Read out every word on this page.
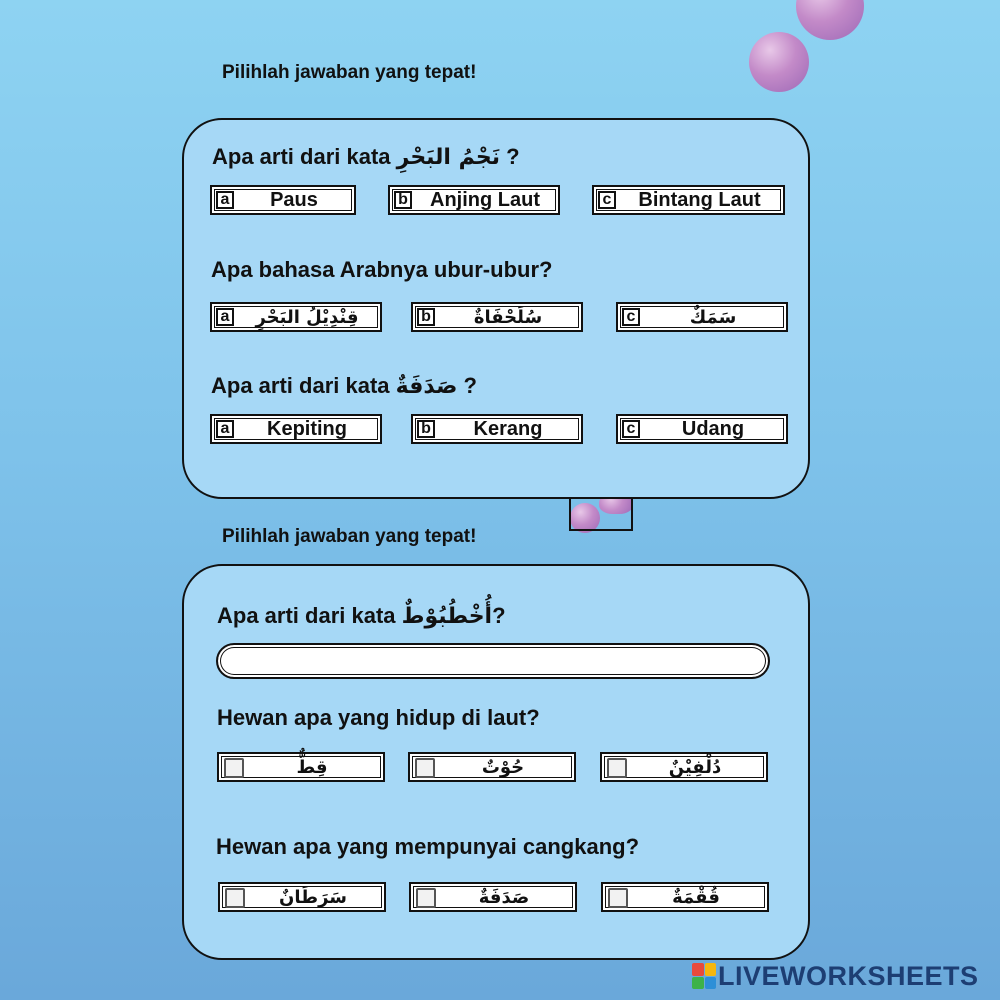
Pilihlah jawaban yang tepat!
Apa arti dari kata نَجْمُ البَحْرِ ?
a	Paus	b	Anjing Laut	c	Bintang Laut
Apa bahasa Arabnya ubur-ubur?
a	قِنْدِيْلُ البَحْرِ	b	سُلَحْفَاةٌ	c	سَمَكٌ
Apa arti dari kata صَدَفَةٌ ?
a	Kepiting	b	Kerang	c	Udang
Pilihlah jawaban yang tepat!
Apa arti dari kata أُخْطُبُوْطٌ?
Hewan apa yang hidup di laut?
قِطٌّ	حُوْتٌ	دُلْفِيْنٌ
Hewan apa yang mempunyai cangkang?
سَرَطَانٌ	صَدَفَةٌ	قُقْمَةٌ
LIVEWORKSHEETS
